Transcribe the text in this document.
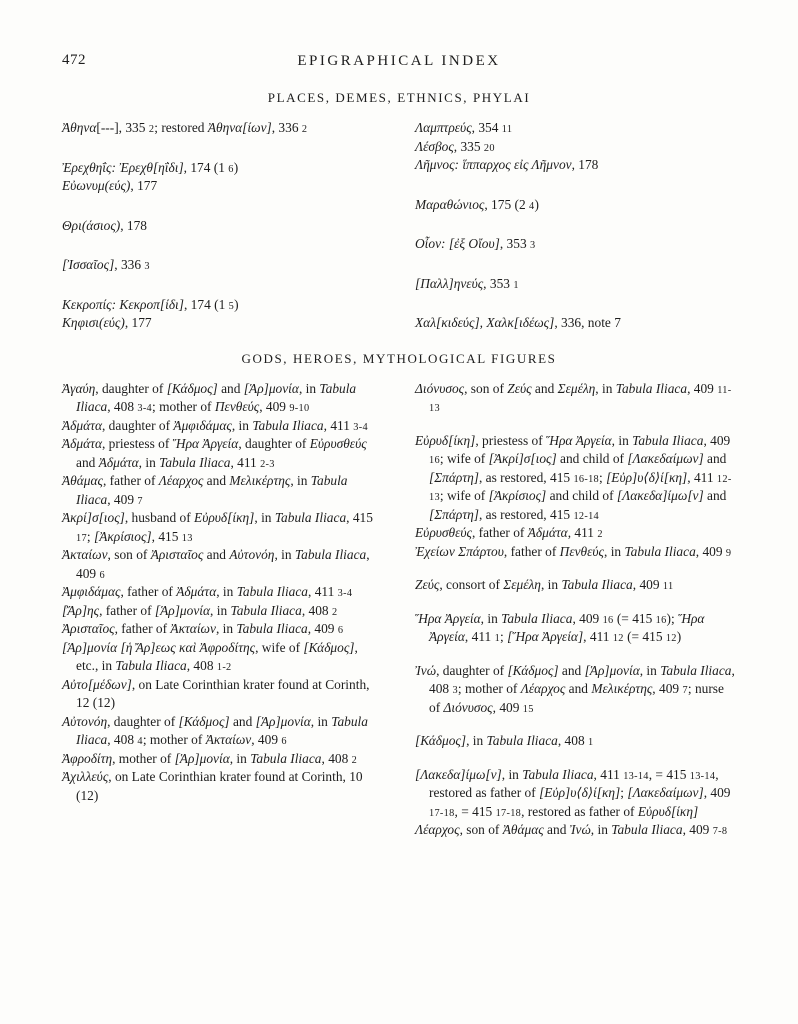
472	EPIGRAPHICAL INDEX
PLACES, DEMES, ETHNICS, PHYLAI

Ἀθηνα[---], 335 2; restored Ἀθηνα[ίων], 336 2

Ἐρεχθηΐς: Ἐρεχθ[ηΐδι], 174 (1 6)

Εὐωνυμ(εύς), 177

Θρι(άσιος), 178

[Ἰσσαῖος], 336 3

Κεκροπίς: Κεκροπ[ίδι], 174 (1 5)

Κηφισι(εύς), 177

Λαμπτρεύς, 354 11

Λέσβος, 335 20

Λῆμνος: ἵππαρχος εἰς Λῆμνον, 178

Μαραθώνιος, 175 (2 4)

Οἶον: [ἐξ Οἴου], 353 3

[Παλλ]ηνεύς, 353 1

Χαλ[κιδεύς], Χαλκ[ιδέως], 336, note 7

GODS, HEROES, MYTHOLOGICAL FIGURES

Ἀγαύη, daughter of [Κάδμος] and [Ἁρ]μονία, in Tabula Iliaca, 408 3-4; mother of Πενθεύς, 409 9-10

Ἀδμάτα, daughter of Ἀμφιδάμας, in Tabula Iliaca, 411 3-4

Ἀδμάτα, priestess of Ἥρα Ἀργεία, daughter of Εὐρυσθεύς and Ἀδμάτα, in Tabula Iliaca, 411 2-3

Ἀθάμας, father of Λέαρχος and Μελικέρτης, in Tabula Iliaca, 409 7

Ἀκρί]σ[ιος], husband of Εὐρυδ[ίκη], in Tabula Iliaca, 415 17; [Ἀκρίσιος], 415 13

Ἀκταίων, son of Ἀρισταῖος and Αὐτονόη, in Tabula Iliaca, 409 6

Ἀμφιδάμας, father of Ἀδμάτα, in Tabula Iliaca, 411 3-4

[Ἄρ]ης, father of [Ἁρ]μονία, in Tabula Iliaca, 408 2

Ἀρισταῖος, father of Ἀκταίων, in Tabula Iliaca, 409 6

[Ἁρ]μονία [ἡ Ἄρ]εως καὶ Ἀφροδίτης, wife of [Κάδμος], etc., in Tabula Iliaca, 408 1-2

Αὐτο[μέδων], on Late Corinthian krater found at Corinth, 12 (12)

Αὐτονόη, daughter of [Κάδμος] and [Ἁρ]μονία, in Tabula Iliaca, 408 4; mother of Ἀκταίων, 409 6

Ἀφροδίτη, mother of [Ἁρ]μονία, in Tabula Iliaca, 408 2

Ἀχιλλεύς, on Late Corinthian krater found at Corinth, 10 (12)

Διόνυσος, son of Ζεύς and Σεμέλη, in Tabula Iliaca, 409 11-13

Εὐρυδ[ίκη], priestess of Ἥρα Ἀργεία, in Tabula Iliaca, 409 16; wife of [Ἀκρί]σ[ιος] and child of [Λακεδαίμων] and [Σπάρτη], as restored, 415 16-18; [Εὐρ]υ⟨δ⟩ί[κη], 411 12-13; wife of [Ἀκρίσιος] and child of [Λακεδα]ίμω[ν] and [Σπάρτη], as restored, 415 12-14

Εὐρυσθεύς, father of Ἀδμάτα, 411 2

Ἐχείων Σπάρτου, father of Πενθεύς, in Tabula Iliaca, 409 9

Ζεύς, consort of Σεμέλη, in Tabula Iliaca, 409 11

Ἥρα Ἀργεία, in Tabula Iliaca, 409 16 (= 415 16); Ἥρα Ἀργεία, 411 1; [Ἥρα Ἀργεία], 411 12 (= 415 12)

Ἰνώ, daughter of [Κάδμος] and [Ἁρ]μονία, in Tabula Iliaca, 408 3; mother of Λέαρχος and Μελικέρτης, 409 7; nurse of Διόνυσος, 409 15

[Κάδμος], in Tabula Iliaca, 408 1

[Λακεδα]ίμω[ν], in Tabula Iliaca, 411 13-14, = 415 13-14, restored as father of [Εὐρ]υ⟨δ⟩ί[κη]; [Λακεδαίμων], 409 17-18, = 415 17-18, restored as father of Εὐρυδ[ίκη]

Λέαρχος, son of Ἀθάμας and Ἰνώ, in Tabula Iliaca, 409 7-8
